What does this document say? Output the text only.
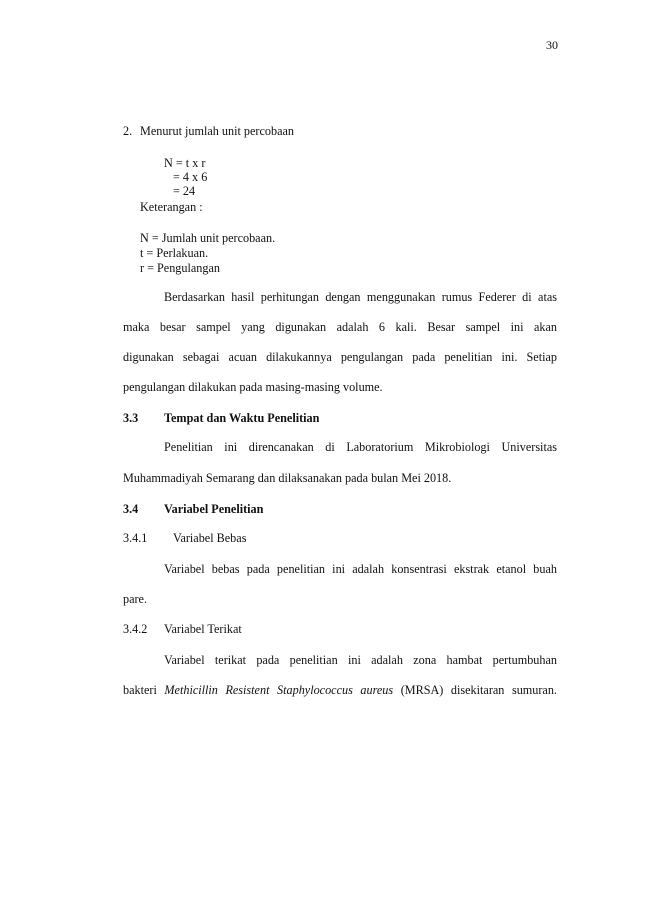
30
2. Menurut jumlah unit percobaan
N = t x r
= 4 x 6
= 24
Keterangan :
N = Jumlah unit percobaan.
t = Perlakuan.
r = Pengulangan
Berdasarkan hasil perhitungan dengan menggunakan rumus Federer di atas
maka besar sampel yang digunakan adalah 6 kali. Besar sampel ini akan
digunakan sebagai acuan dilakukannya pengulangan pada penelitian ini. Setiap
pengulangan dilakukan pada masing-masing volume.
3.3 Tempat dan Waktu Penelitian
Penelitian ini direncanakan di Laboratorium Mikrobiologi Universitas
Muhammadiyah Semarang dan dilaksanakan pada bulan Mei 2018.
3.4 Variabel Penelitian
3.4.1 Variabel Bebas
Variabel bebas pada penelitian ini adalah konsentrasi ekstrak etanol buah
pare.
3.4.2 Variabel Terikat
Variabel terikat pada penelitian ini adalah zona hambat pertumbuhan
bakteri Methicillin Resistent Staphylococcus aureus (MRSA) disekitaran sumuran.
